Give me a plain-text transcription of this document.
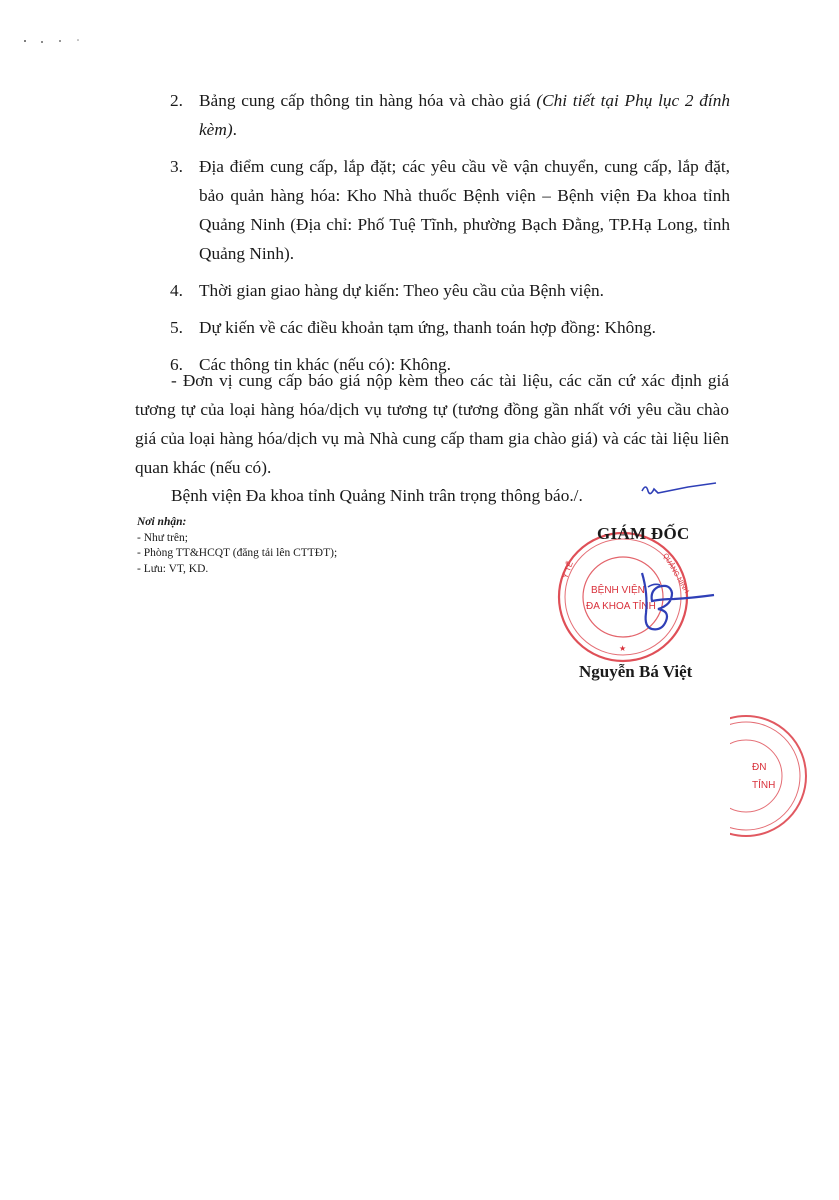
2. Bảng cung cấp thông tin hàng hóa và chào giá (Chi tiết tại Phụ lục 2 đính kèm).
3. Địa điểm cung cấp, lắp đặt; các yêu cầu về vận chuyển, cung cấp, lắp đặt, bảo quản hàng hóa: Kho Nhà thuốc Bệnh viện – Bệnh viện Đa khoa tỉnh Quảng Ninh (Địa chỉ: Phố Tuệ Tĩnh, phường Bạch Đằng, TP.Hạ Long, tỉnh Quảng Ninh).
4. Thời gian giao hàng dự kiến: Theo yêu cầu của Bệnh viện.
5. Dự kiến về các điều khoản tạm ứng, thanh toán hợp đồng: Không.
6. Các thông tin khác (nếu có): Không.
- Đơn vị cung cấp báo giá nộp kèm theo các tài liệu, các căn cứ xác định giá tương tự của loại hàng hóa/dịch vụ tương tự (tương đồng gần nhất với yêu cầu chào giá của loại hàng hóa/dịch vụ mà Nhà cung cấp tham gia chào giá) và các tài liệu liên quan khác (nếu có).
Bệnh viện Đa khoa tỉnh Quảng Ninh trân trọng thông báo./.
Nơi nhận:
- Như trên;
- Phòng TT&HCQT (đăng tải lên CTTĐT);
- Lưu: VT, KD.
BỆNH VIỆN
ĐA KHOA TỈNH
Y TẾ	QUẢNG NINH
★
GIÁM ĐỐC
Nguyễn Bá Việt
ĐN
TỈNH
